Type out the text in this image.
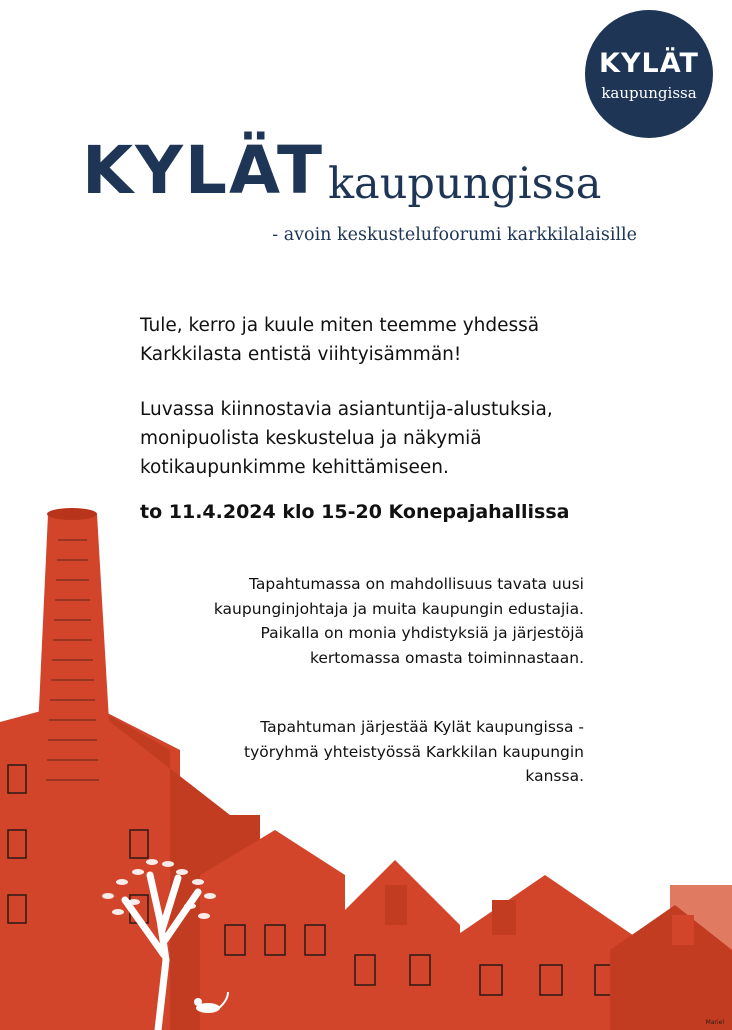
KYLÄT
kaupungissa
KYLÄT kaupungissa
- avoin keskustelufoorumi karkkilalaisille

Tule, kerro ja kuule miten teemme yhdessä Karkkilasta entistä viihtyisämmän!

Luvassa kiinnostavia asiantuntija-alustuksia, monipuolista keskustelua ja näkymiä kotikaupunkimme kehittämiseen.

to 11.4.2024 klo 15-20 Konepajahallissa

Tapahtumassa on mahdollisuus tavata uusi kaupunginjohtaja ja muita kaupungin edustajia. Paikalla on monia yhdistyksiä ja järjestöjä kertomassa omasta toiminnastaan.

Tapahtuman järjestää Kylät kaupungissa -työryhmä yhteistyössä Karkkilan kaupungin kanssa.

Mariel
